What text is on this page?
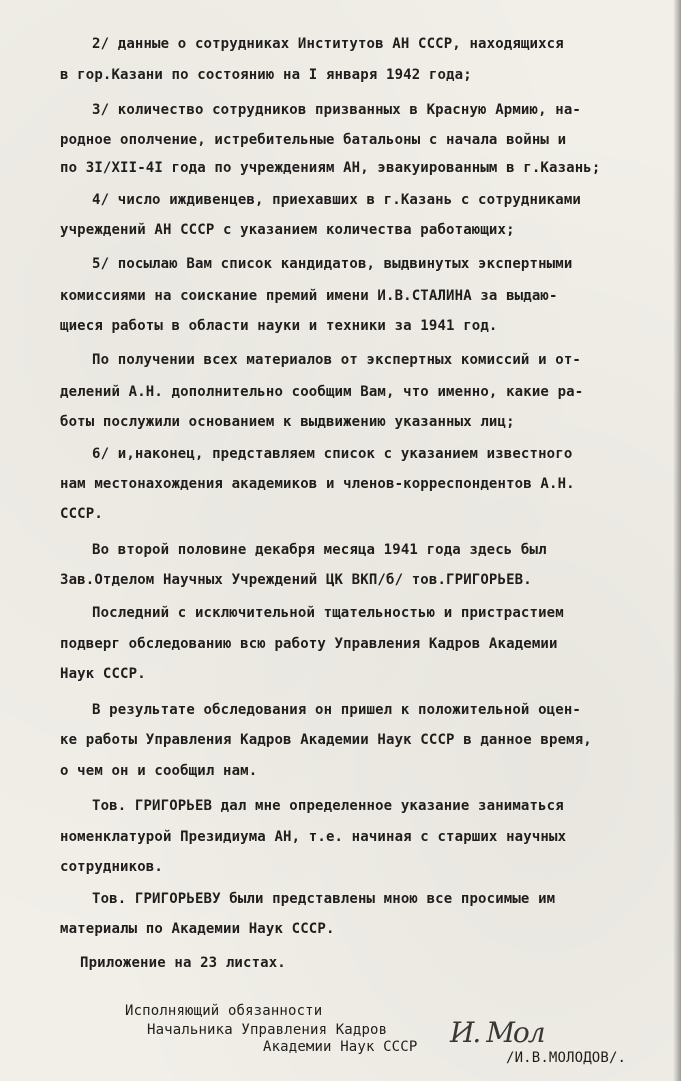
2/ данные о сотрудниках Институтов АН СССР, находящихся

в гор.Казани по состоянию на I января 1942 года;

3/ количество сотрудников призванных в Красную Армию, на-

родное ополчение, истребительные батальоны с начала войны и

по 3I/XII-4I года по учреждениям АН, эвакуированным в г.Казань;

4/ число иждивенцев, приехавших в г.Казань с сотрудниками

учреждений АН СССР с указанием количества работающих;

5/ посылаю Вам список кандидатов, выдвинутых экспертными

комиссиями на соискание премий имени И.В.СТАЛИНА за выдаю-

щиеся работы в области науки и техники за 1941 год.

По получении всех материалов от экспертных комиссий и от-

делений А.Н. дополнительно сообщим Вам, что именно, какие ра-

боты послужили основанием к выдвижению указанных лиц;

6/ и,наконец, представляем список с указанием известного

нам местонахождения академиков и членов-корреспондентов А.Н.

СССР.

Во второй половине декабря месяца 1941 года здесь был

Зав.Отделом Научных Учреждений ЦК ВКП/б/ тов.ГРИГОРЬЕВ.

Последний с исключительной тщательностью и пристрастием

подверг обследованию всю работу Управления Кадров Академии

Наук СССР.

В результате обследования он пришел к положительной оцен-

ке работы Управления Кадров Академии Наук СССР в данное время,

о чем он и сообщил нам.

Тов. ГРИГОРЬЕВ дал мне определенное указание заниматься

номенклатурой Президиума АН, т.е. начиная с старших научных

сотрудников.

Тов. ГРИГОРЬЕВУ были представлены мною все просимые им

материалы по Академии Наук СССР.

Приложение на 23 листах.

Исполняющий обязанности

Начальника Управления Кадров

Академии Наук СССР

/И.В.МОЛОДОВ/.

И. Мол
